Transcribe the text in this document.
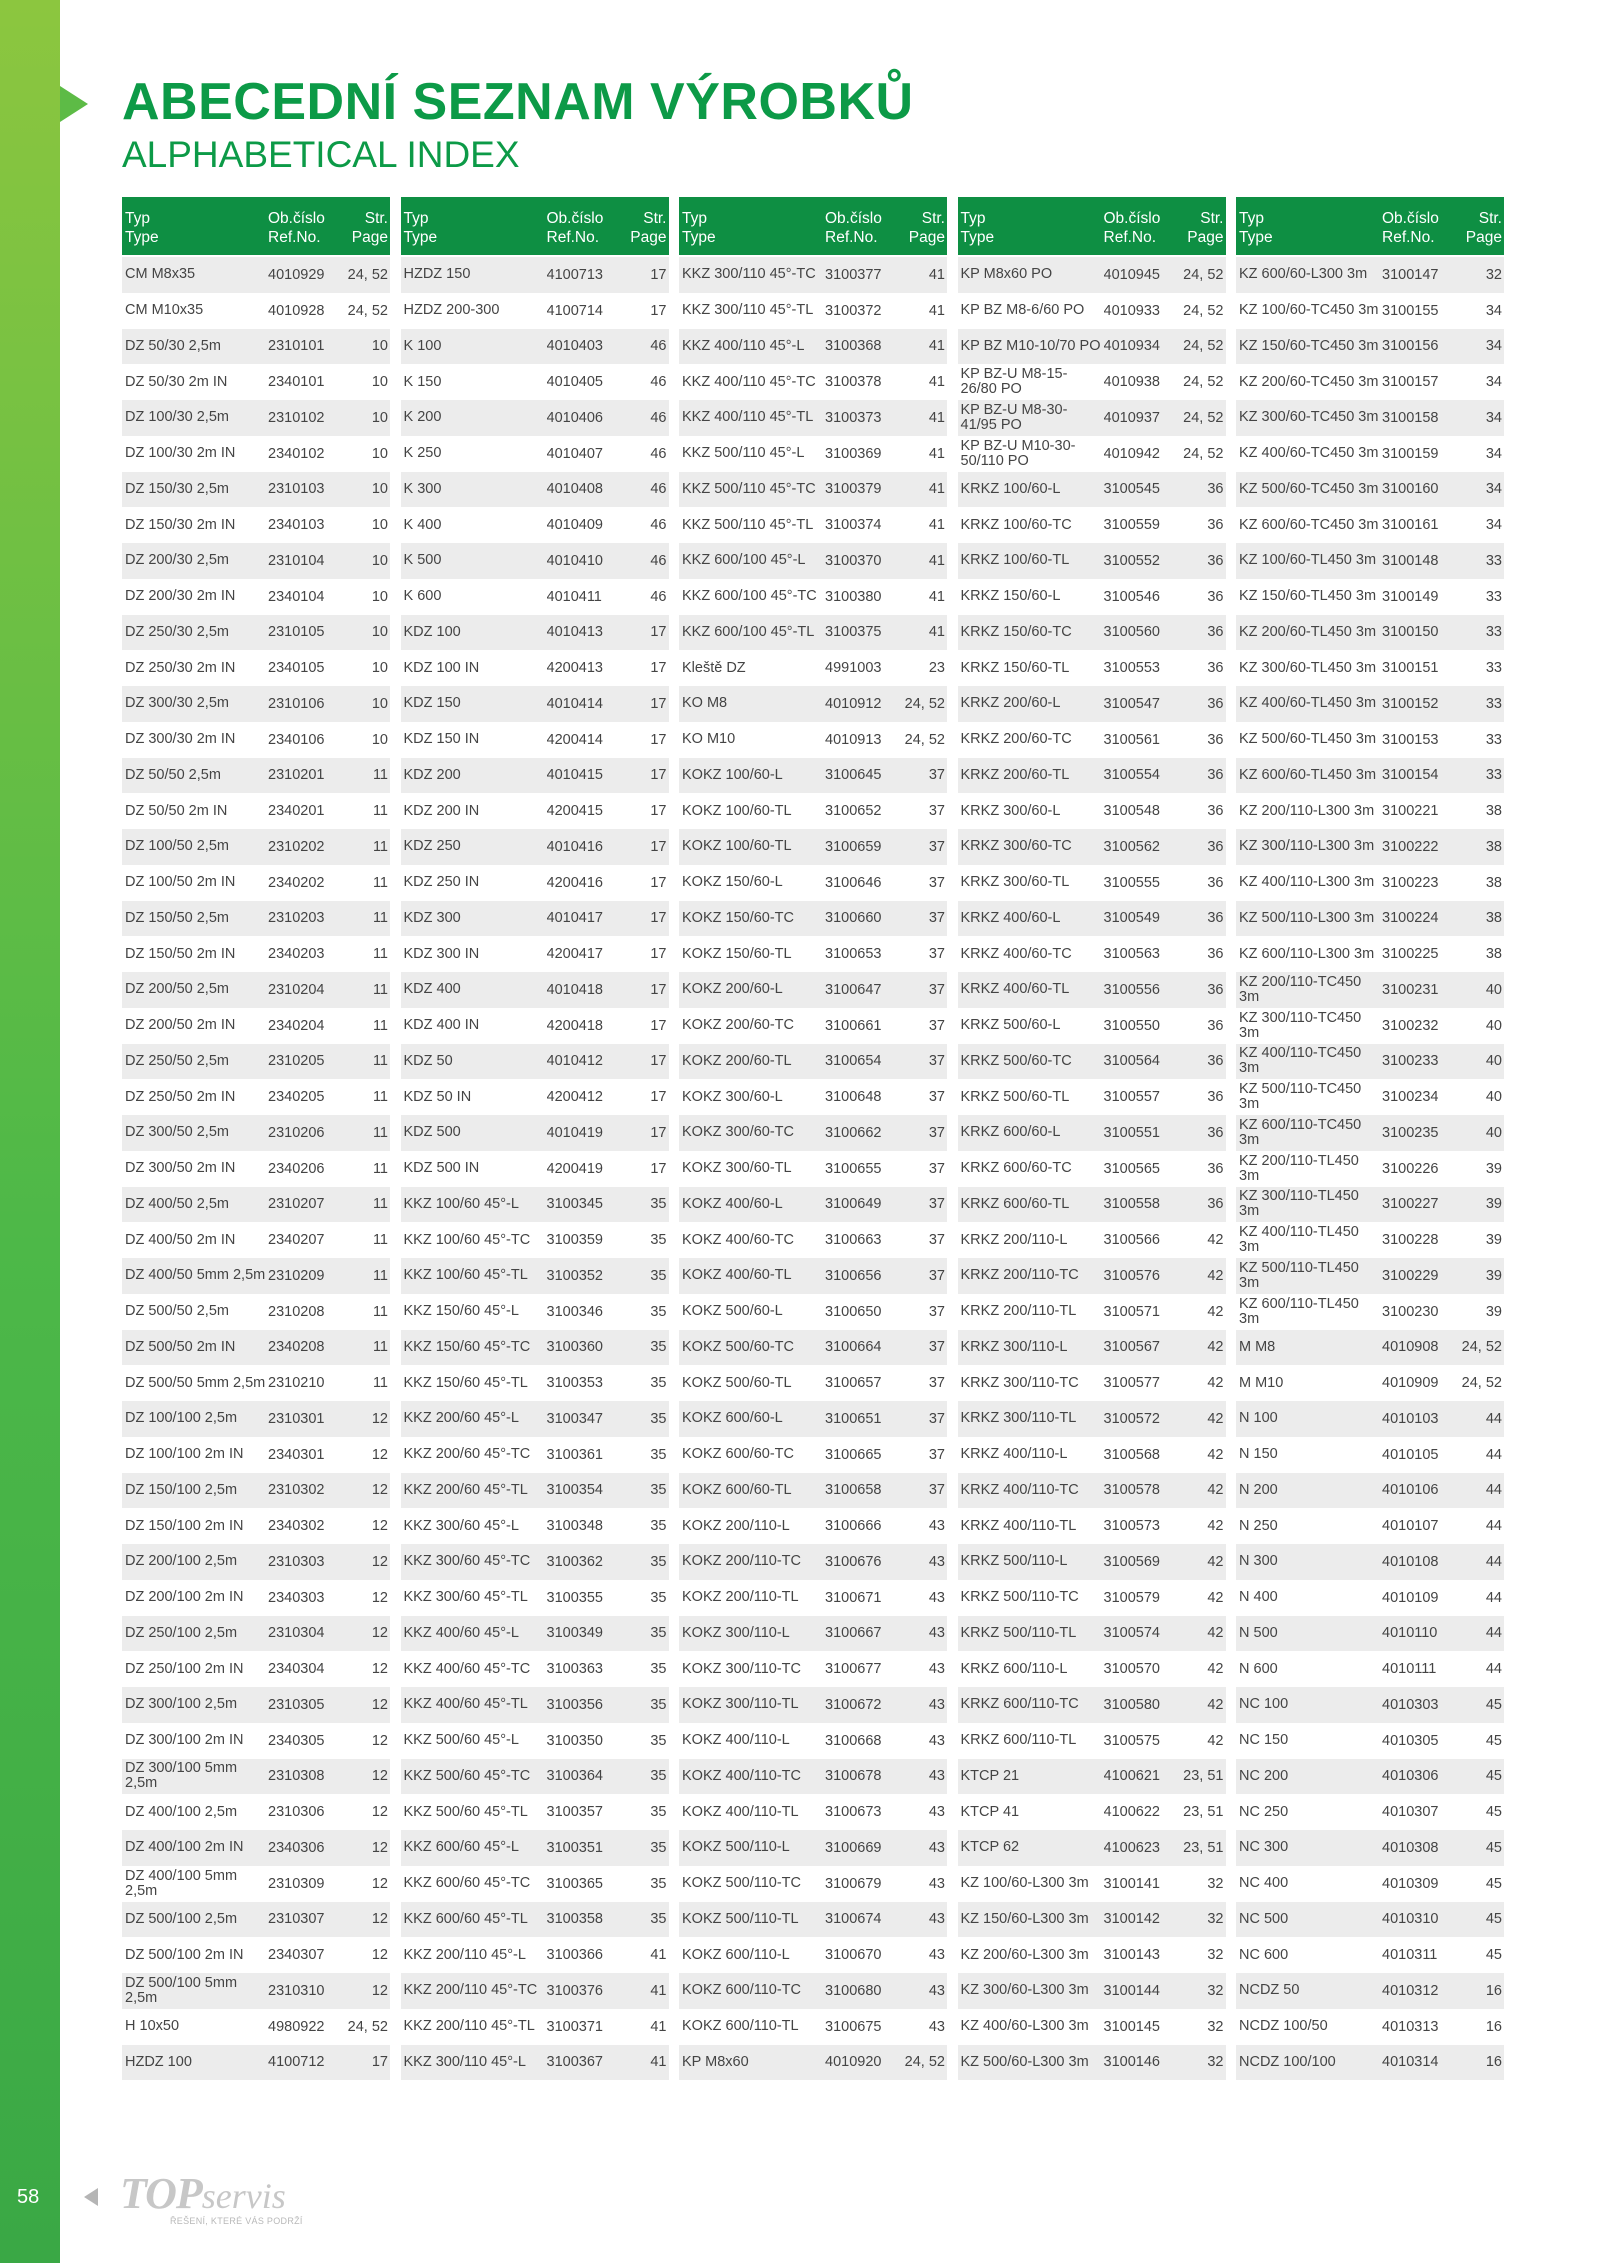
ABECEDNÍ SEZNAM VÝROBKŮ
ALPHABETICAL INDEX
Typ
Type
Ob.číslo
Ref.No.
Str.
Page
CM M8x35	4010929	24, 52
CM M10x35	4010928	24, 52
DZ 50/30 2,5m	2310101	10
DZ 50/30 2m IN	2340101	10
DZ 100/30 2,5m	2310102	10
DZ 100/30 2m IN	2340102	10
DZ 150/30 2,5m	2310103	10
DZ 150/30 2m IN	2340103	10
DZ 200/30 2,5m	2310104	10
DZ 200/30 2m IN	2340104	10
DZ 250/30 2,5m	2310105	10
DZ 250/30 2m IN	2340105	10
DZ 300/30 2,5m	2310106	10
DZ 300/30 2m IN	2340106	10
DZ 50/50 2,5m	2310201	11
DZ 50/50 2m IN	2340201	11
DZ 100/50 2,5m	2310202	11
DZ 100/50 2m IN	2340202	11
DZ 150/50 2,5m	2310203	11
DZ 150/50 2m IN	2340203	11
DZ 200/50 2,5m	2310204	11
DZ 200/50 2m IN	2340204	11
DZ 250/50 2,5m	2310205	11
DZ 250/50 2m IN	2340205	11
DZ 300/50 2,5m	2310206	11
DZ 300/50 2m IN	2340206	11
DZ 400/50 2,5m	2310207	11
DZ 400/50 2m IN	2340207	11
DZ 400/50 5mm 2,5m 2310209	11
DZ 500/50 2,5m	2310208	11
DZ 500/50 2m IN	2340208	11
DZ 500/50 5mm 2,5m 2310210	11
DZ 100/100 2,5m	2310301	12
DZ 100/100 2m IN	2340301	12
DZ 150/100 2,5m	2310302	12
DZ 150/100 2m IN	2340302	12
DZ 200/100 2,5m	2310303	12
DZ 200/100 2m IN	2340303	12
DZ 250/100 2,5m	2310304	12
DZ 250/100 2m IN	2340304	12
DZ 300/100 2,5m	2310305	12
DZ 300/100 2m IN	2340305	12
DZ 300/100 5mm 2,5m	2310308	12
DZ 400/100 2,5m	2310306	12
DZ 400/100 2m IN	2340306	12
DZ 400/100 5mm 2,5m	2310309	12
DZ 500/100 2,5m	2310307	12
DZ 500/100 2m IN	2340307	12
DZ 500/100 5mm 2,5m	2310310	12
H 10x50	4980922	24, 52
HZDZ 100	4100712	17
Typ
Type
Ob.číslo
Ref.No.
Str.
Page
HZDZ 150	4100713	17
HZDZ 200-300	4100714	17
K 100	4010403	46
K 150	4010405	46
K 200	4010406	46
K 250	4010407	46
K 300	4010408	46
K 400	4010409	46
K 500	4010410	46
K 600	4010411	46
KDZ 100	4010413	17
KDZ 100 IN	4200413	17
KDZ 150	4010414	17
KDZ 150 IN	4200414	17
KDZ 200	4010415	17
KDZ 200 IN	4200415	17
KDZ 250	4010416	17
KDZ 250 IN	4200416	17
KDZ 300	4010417	17
KDZ 300 IN	4200417	17
KDZ 400	4010418	17
KDZ 400 IN	4200418	17
KDZ 50	4010412	17
KDZ 50 IN	4200412	17
KDZ 500	4010419	17
KDZ 500 IN	4200419	17
KKZ 100/60 45°-L	3100345	35
KKZ 100/60 45°-TC	3100359	35
KKZ 100/60 45°-TL	3100352	35
KKZ 150/60 45°-L	3100346	35
KKZ 150/60 45°-TC	3100360	35
KKZ 150/60 45°-TL	3100353	35
KKZ 200/60 45°-L	3100347	35
KKZ 200/60 45°-TC	3100361	35
KKZ 200/60 45°-TL	3100354	35
KKZ 300/60 45°-L	3100348	35
KKZ 300/60 45°-TC	3100362	35
KKZ 300/60 45°-TL	3100355	35
KKZ 400/60 45°-L	3100349	35
KKZ 400/60 45°-TC	3100363	35
KKZ 400/60 45°-TL	3100356	35
KKZ 500/60 45°-L	3100350	35
KKZ 500/60 45°-TC	3100364	35
KKZ 500/60 45°-TL	3100357	35
KKZ 600/60 45°-L	3100351	35
KKZ 600/60 45°-TC	3100365	35
KKZ 600/60 45°-TL	3100358	35
KKZ 200/110 45°-L	3100366	41
KKZ 200/110 45°-TC 3100376	41
KKZ 200/110 45°-TL 3100371	41
KKZ 300/110 45°-L	3100367	41
Typ
Type
Ob.číslo
Ref.No.
Str.
Page
KKZ 300/110 45°-TC 3100377	41
KKZ 300/110 45°-TL 3100372	41
KKZ 400/110 45°-L	3100368	41
KKZ 400/110 45°-TC 3100378	41
KKZ 400/110 45°-TL 3100373	41
KKZ 500/110 45°-L	3100369	41
KKZ 500/110 45°-TC 3100379	41
KKZ 500/110 45°-TL 3100374	41
KKZ 600/100 45°-L	3100370	41
KKZ 600/100 45°-TC 3100380	41
KKZ 600/100 45°-TL 3100375	41
Kleště DZ	4991003	23
KO M8	4010912	24, 52
KO M10	4010913	24, 52
KOKZ 100/60-L	3100645	37
KOKZ 100/60-TL	3100652	37
KOKZ 100/60-TL	3100659	37
KOKZ 150/60-L	3100646	37
KOKZ 150/60-TC	3100660	37
KOKZ 150/60-TL	3100653	37
KOKZ 200/60-L	3100647	37
KOKZ 200/60-TC	3100661	37
KOKZ 200/60-TL	3100654	37
KOKZ 300/60-L	3100648	37
KOKZ 300/60-TC	3100662	37
KOKZ 300/60-TL	3100655	37
KOKZ 400/60-L	3100649	37
KOKZ 400/60-TC	3100663	37
KOKZ 400/60-TL	3100656	37
KOKZ 500/60-L	3100650	37
KOKZ 500/60-TC	3100664	37
KOKZ 500/60-TL	3100657	37
KOKZ 600/60-L	3100651	37
KOKZ 600/60-TC	3100665	37
KOKZ 600/60-TL	3100658	37
KOKZ 200/110-L	3100666	43
KOKZ 200/110-TC	3100676	43
KOKZ 200/110-TL	3100671	43
KOKZ 300/110-L	3100667	43
KOKZ 300/110-TC	3100677	43
KOKZ 300/110-TL	3100672	43
KOKZ 400/110-L	3100668	43
KOKZ 400/110-TC	3100678	43
KOKZ 400/110-TL	3100673	43
KOKZ 500/110-L	3100669	43
KOKZ 500/110-TC	3100679	43
KOKZ 500/110-TL	3100674	43
KOKZ 600/110-L	3100670	43
KOKZ 600/110-TC	3100680	43
KOKZ 600/110-TL	3100675	43
KP M8x60	4010920	24, 52
Typ
Type
Ob.číslo
Ref.No.
Str.
Page
KP M8x60 PO	4010945	24, 52
KP BZ M8-6/60 PO	4010933	24, 52
KP BZ M10-10/70 PO 4010934	24, 52
KP BZ-U M8-15-26/80 PO	4010938	24, 52
KP BZ-U M8-30-41/95 PO	4010937	24, 52
KP BZ-U M10-30-50/110 PO	4010942	24, 52
KRKZ 100/60-L	3100545	36
KRKZ 100/60-TC	3100559	36
KRKZ 100/60-TL	3100552	36
KRKZ 150/60-L	3100546	36
KRKZ 150/60-TC	3100560	36
KRKZ 150/60-TL	3100553	36
KRKZ 200/60-L	3100547	36
KRKZ 200/60-TC	3100561	36
KRKZ 200/60-TL	3100554	36
KRKZ 300/60-L	3100548	36
KRKZ 300/60-TC	3100562	36
KRKZ 300/60-TL	3100555	36
KRKZ 400/60-L	3100549	36
KRKZ 400/60-TC	3100563	36
KRKZ 400/60-TL	3100556	36
KRKZ 500/60-L	3100550	36
KRKZ 500/60-TC	3100564	36
KRKZ 500/60-TL	3100557	36
KRKZ 600/60-L	3100551	36
KRKZ 600/60-TC	3100565	36
KRKZ 600/60-TL	3100558	36
KRKZ 200/110-L	3100566	42
KRKZ 200/110-TC	3100576	42
KRKZ 200/110-TL	3100571	42
KRKZ 300/110-L	3100567	42
KRKZ 300/110-TC	3100577	42
KRKZ 300/110-TL	3100572	42
KRKZ 400/110-L	3100568	42
KRKZ 400/110-TC	3100578	42
KRKZ 400/110-TL	3100573	42
KRKZ 500/110-L	3100569	42
KRKZ 500/110-TC	3100579	42
KRKZ 500/110-TL	3100574	42
KRKZ 600/110-L	3100570	42
KRKZ 600/110-TC	3100580	42
KRKZ 600/110-TL	3100575	42
KTCP 21	4100621	23, 51
KTCP 41	4100622	23, 51
KTCP 62	4100623	23, 51
KZ 100/60-L300 3m	3100141	32
KZ 150/60-L300 3m	3100142	32
KZ 200/60-L300 3m	3100143	32
KZ 300/60-L300 3m	3100144	32
KZ 400/60-L300 3m	3100145	32
KZ 500/60-L300 3m	3100146	32
Typ
Type
Ob.číslo
Ref.No.
Str.
Page
KZ 600/60-L300 3m	3100147	32
KZ 100/60-TC450 3m 3100155	34
KZ 150/60-TC450 3m 3100156	34
KZ 200/60-TC450 3m 3100157	34
KZ 300/60-TC450 3m 3100158	34
KZ 400/60-TC450 3m 3100159	34
KZ 500/60-TC450 3m 3100160	34
KZ 600/60-TC450 3m 3100161	34
KZ 100/60-TL450 3m 3100148	33
KZ 150/60-TL450 3m 3100149	33
KZ 200/60-TL450 3m 3100150	33
KZ 300/60-TL450 3m 3100151	33
KZ 400/60-TL450 3m 3100152	33
KZ 500/60-TL450 3m 3100153	33
KZ 600/60-TL450 3m 3100154	33
KZ 200/110-L300 3m 3100221	38
KZ 300/110-L300 3m 3100222	38
KZ 400/110-L300 3m 3100223	38
KZ 500/110-L300 3m 3100224	38
KZ 600/110-L300 3m 3100225	38
KZ 200/110-TC450 3m	3100231	40
KZ 300/110-TC450 3m	3100232	40
KZ 400/110-TC450 3m	3100233	40
KZ 500/110-TC450 3m	3100234	40
KZ 600/110-TC450 3m	3100235	40
KZ 200/110-TL450 3m	3100226	39
KZ 300/110-TL450 3m	3100227	39
KZ 400/110-TL450 3m	3100228	39
KZ 500/110-TL450 3m	3100229	39
KZ 600/110-TL450 3m	3100230	39
M M8	4010908	24, 52
M M10	4010909	24, 52
N 100	4010103	44
N 150	4010105	44
N 200	4010106	44
N 250	4010107	44
N 300	4010108	44
N 400	4010109	44
N 500	4010110	44
N 600	4010111	44
NC 100	4010303	45
NC 150	4010305	45
NC 200	4010306	45
NC 250	4010307	45
NC 300	4010308	45
NC 400	4010309	45
NC 500	4010310	45
NC 600	4010311	45
NCDZ 50	4010312	16
NCDZ 100/50	4010313	16
NCDZ 100/100	4010314	16
58 TOPservis
ŘEŠENÍ, KTERÉ VÁS PODRŽÍ
